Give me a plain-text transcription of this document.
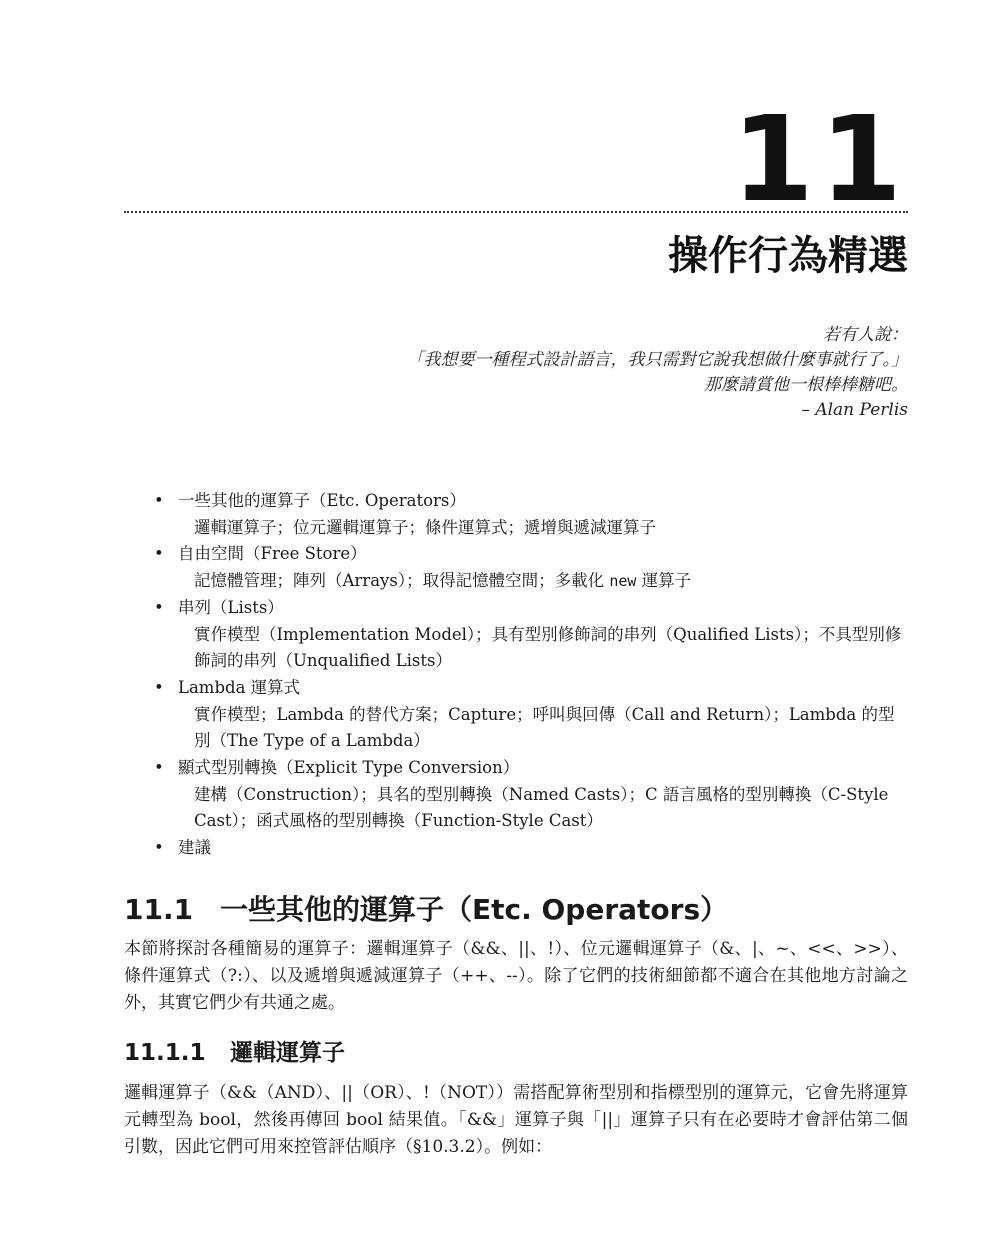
11
操作行為精選
若有人說：
「我想要一種程式設計語言，我只需對它說我想做什麼事就行了。」
那麼請賞他一根棒棒糖吧。
– Alan Perlis
• 一些其他的運算子（Etc. Operators）
邏輯運算子；位元邏輯運算子；條件運算式；遞增與遞減運算子
• 自由空間（Free Store）
記憶體管理；陣列（Arrays）；取得記憶體空間；多載化 new 運算子
• 串列（Lists）
實作模型（Implementation Model）；具有型別修飾詞的串列（Qualified Lists）；不具型別修飾詞的串列（Unqualified Lists）
• Lambda 運算式
實作模型；Lambda 的替代方案；Capture；呼叫與回傳（Call and Return）；Lambda 的型別（The Type of a Lambda）
• 顯式型別轉換（Explicit Type Conversion）
建構（Construction）；具名的型別轉換（Named Casts）；C 語言風格的型別轉換（C-Style Cast）；函式風格的型別轉換（Function-Style Cast）
• 建議
11.1 一些其他的運算子（Etc. Operators）
本節將探討各種簡易的運算子：邏輯運算子（&&、||、!）、位元邏輯運算子（&、|、~、<<、>>）、條件運算式（?:）、以及遞增與遞減運算子（++、--）。除了它們的技術細節都不適合在其他地方討論之外，其實它們少有共通之處。
11.1.1 邏輯運算子
邏輯運算子（&&（AND）、||（OR）、!（NOT））需搭配算術型別和指標型別的運算元，它會先將運算元轉型為 bool，然後再傳回 bool 結果值。「&&」運算子與「||」運算子只有在必要時才會評估第二個引數，因此它們可用來控管評估順序（§10.3.2）。例如：
